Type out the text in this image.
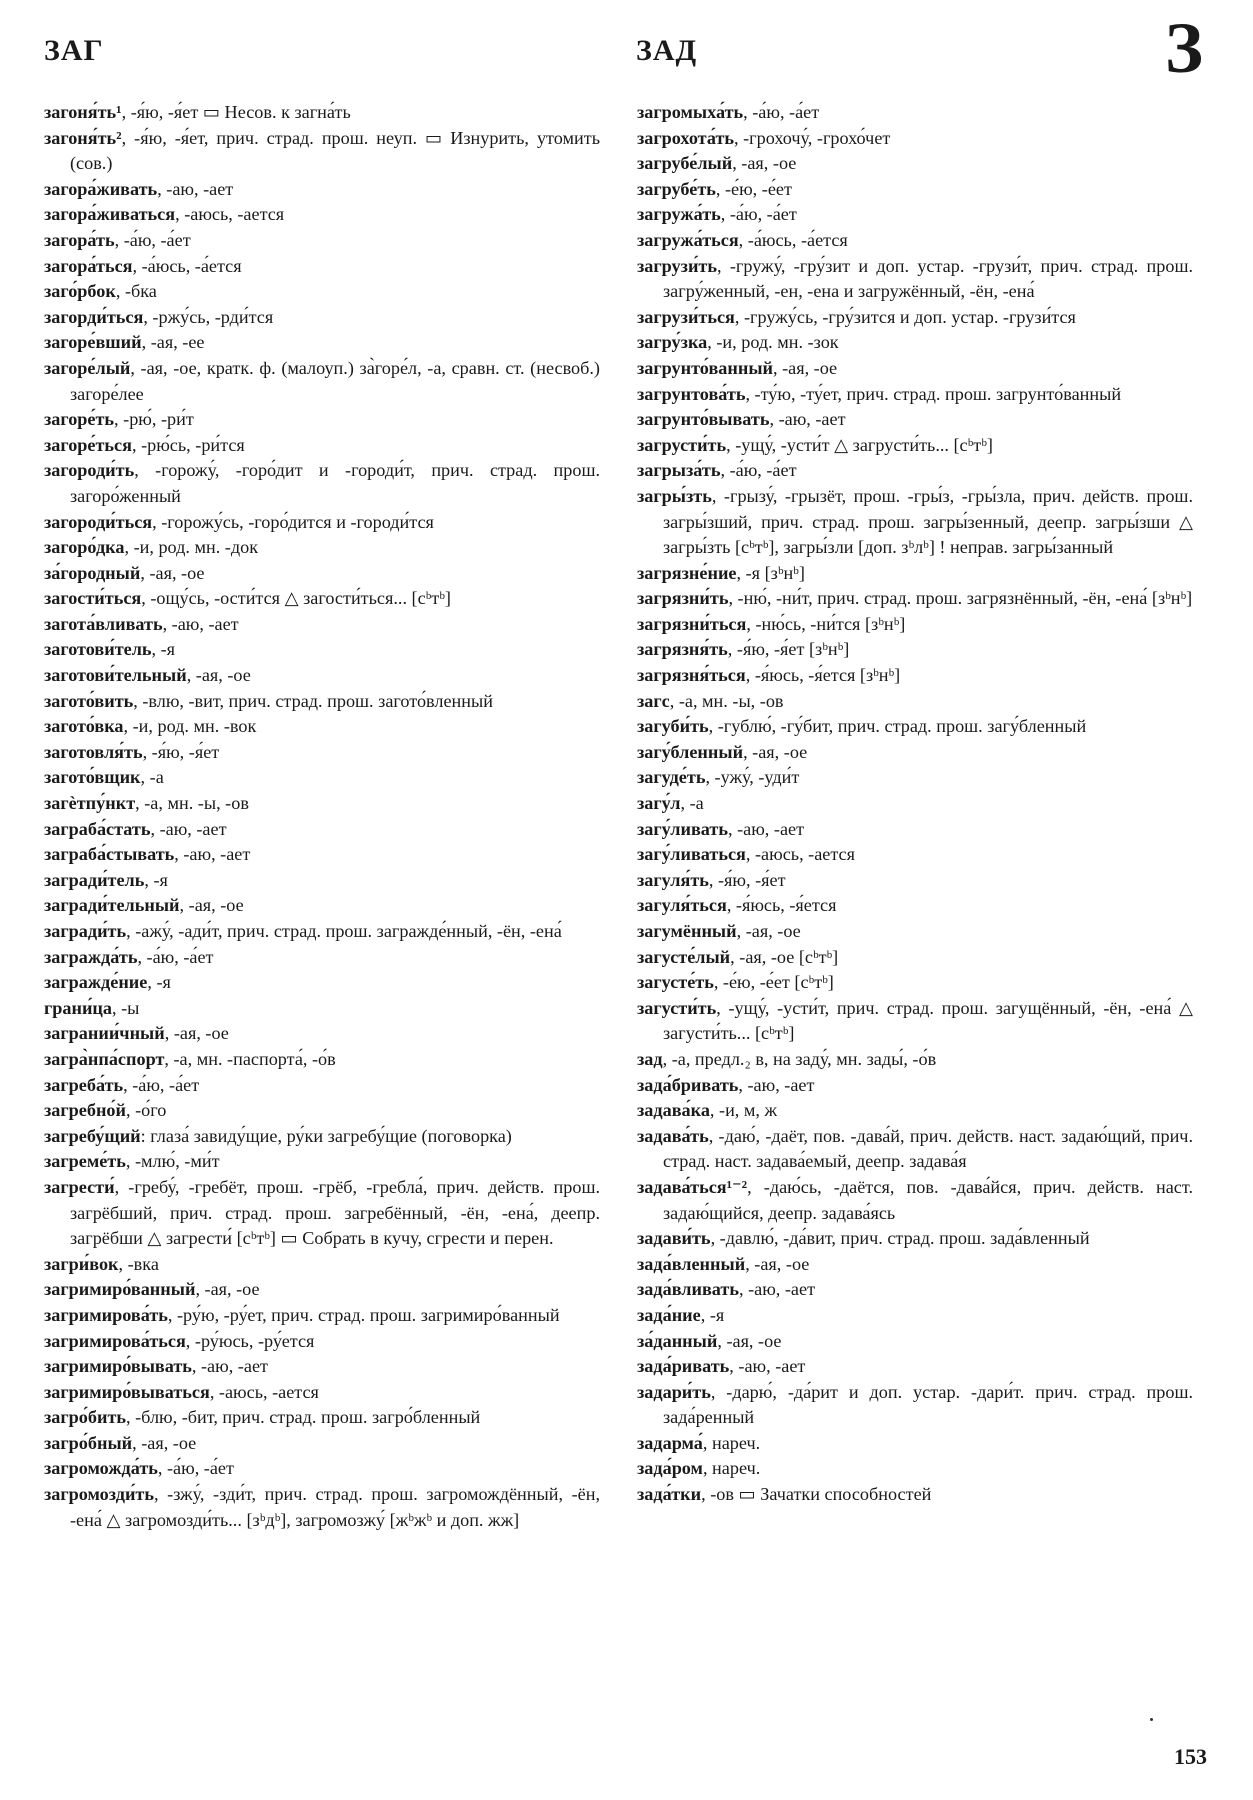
ЗАГ	ЗАД	З

загоня́ть¹, -я́ю, -я́ет ▭ Несов. к загна́ть

загоня́ть², -я́ю, -я́ет, прич. страд. прош. неуп. ▭ Изнурить, утомить (сов.)

загора́живать, -аю, -ает

загора́живаться, -аюсь, -ается

загора́ть, -а́ю, -а́ет

загора́ться, -а́юсь, -а́ется

заго́рбок, -бка

загорди́ться, -ржу́сь, -рди́тся

загоре́вший, -ая, -ее

загоре́лый, -ая, -ое, кратк. ф. (малоуп.) за̀горе́л, -а, сравн. ст. (несвоб.) загоре́лее

загоре́ть, -рю́, -ри́т

загоре́ться, -рю́сь, -ри́тся

загороди́ть, -горожу́, -горо́дит и -городи́т, прич. страд. прош. загоро́женный

загороди́ться, -горожу́сь, -горо́дится и -городи́тся

загоро́дка, -и, род. мн. -док

за́городный, -ая, -ое

загости́ться, -ощу́сь, -ости́тся △ загости́ться... [сᵇтᵇ]

загота́вливать, -аю, -ает

заготови́тель, -я

заготови́тельный, -ая, -ое

загото́вить, -влю, -вит, прич. страд. прош. загото́вленный

загото́вка, -и, род. мн. -вок

заготовля́ть, -я́ю, -я́ет

загото́вщик, -а

загѐтпу́нкт, -а, мн. -ы, -ов

заграба́стать, -аю, -ает

заграба́стывать, -аю, -ает

загради́тель, -я

загради́тельный, -ая, -ое

загради́ть, -ажу́, -ади́т, прич. страд. прош. загражде́нный, -ён, -ена́

загражда́ть, -а́ю, -а́ет

загражде́ние, -я

грани́ца, -ы

загрании́чный, -ая, -ое

загра̀нпа́спорт, -а, мн. -паспорта́, -о́в

загреба́ть, -а́ю, -а́ет

загребно́й, -о́го

загребу́щий: глаза́ завиду́щие, ру́ки загребу́щие (поговорка)

загреме́ть, -млю́, -ми́т

загрести́, -гребу́, -гребёт, прош. -грёб, -гребла́, прич. действ. прош. загрёбший, прич. страд. прош. загребённый, -ён, -ена́, деепр. загрёбши △ загрести́ [сᵇтᵇ] ▭ Собрать в кучу, сгрести и перен.

загри́вок, -вка

загримиро́ванный, -ая, -ое

загримирова́ть, -ру́ю, -ру́ет, прич. страд. прош. загримиро́ванный

загримирова́ться, -ру́юсь, -ру́ется

загримиро́вывать, -аю, -ает

загримиро́вываться, -аюсь, -ается

загро́бить, -блю, -бит, прич. страд. прош. загро́бленный

загро́бный, -ая, -ое

загроможда́ть, -а́ю, -а́ет

загромозди́ть, -зжу́, -зди́т, прич. страд. прош. загромождённый, -ён, -ена́ △ загромозди́ть... [зᵇдᵇ], загромозжу́ [жᵇжᵇ и доп. жж]

загромыха́ть, -а́ю, -а́ет

загрохота́ть, -грохочу́, -грохо́чет

загрубе́лый, -ая, -ое

загрубе́ть, -е́ю, -е́ет

загружа́ть, -а́ю, -а́ет

загружа́ться, -а́юсь, -а́ется

загрузи́ть, -гружу́, -гру́зит и доп. устар. -грузи́т, прич. страд. прош. загру́женный, -ен, -ена и загружённый, -ён, -ена́

загрузи́ться, -гружу́сь, -гру́зится и доп. устар. -грузи́тся

загру́зка, -и, род. мн. -зок

загрунто́ванный, -ая, -ое

загрунтова́ть, -ту́ю, -ту́ет, прич. страд. прош. загрунто́ванный

загрунто́вывать, -аю, -ает

загрусти́ть, -ущу́, -усти́т △ загрусти́ть... [сᵇтᵇ]

загрыза́ть, -а́ю, -а́ет

загры́зть, -грызу́, -грызёт, прош. -гры́з, -гры́зла, прич. действ. прош. загры́зший, прич. страд. прош. загры́зенный, деепр. загры́зши △ загры́зть [сᵇтᵇ], загры́зли [доп. зᵇлᵇ] ! неправ. загры́занный

загрязне́ние, -я [зᵇнᵇ]

загрязни́ть, -ню́, -ни́т, прич. страд. прош. загрязнённый, -ён, -ена́ [зᵇнᵇ]

загрязни́ться, -ню́сь, -ни́тся [зᵇнᵇ]

загрязня́ть, -я́ю, -я́ет [зᵇнᵇ]

загрязня́ться, -я́юсь, -я́ется [зᵇнᵇ]

загс, -а, мн. -ы, -ов

загуби́ть, -гублю́, -гу́бит, прич. страд. прош. загу́бленный

загу́бленный, -ая, -ое

загуде́ть, -ужу́, -уди́т

загу́л, -а

загу́ливать, -аю, -ает

загу́ливаться, -аюсь, -ается

загуля́ть, -я́ю, -я́ет

загуля́ться, -я́юсь, -я́ется

загумённый, -ая, -ое

загусте́лый, -ая, -ое [сᵇтᵇ]

загусте́ть, -е́ю, -е́ет [сᵇтᵇ]

загусти́ть, -ущу́, -усти́т, прич. страд. прош. загущённый, -ён, -ена́ △ загусти́ть... [сᵇтᵇ]

зад, -а, предл.₂ в, на заду́, мн. зады́, -о́в

зада́бривать, -аю, -ает

задава́ка, -и, м, ж

задава́ть, -даю́, -даёт, пов. -дава́й, прич. действ. наст. задаю́щий, прич. страд. наст. задава́емый, деепр. задава́я

задава́ться¹⁻², -даю́сь, -даётся, пов. -дава́йся, прич. действ. наст. задаю́щийся, деепр. задава́ясь

задави́ть, -давлю́, -да́вит, прич. страд. прош. зада́вленный

зада́вленный, -ая, -ое

зада́вливать, -аю, -ает

зада́ние, -я

за́данный, -ая, -ое

зада́ривать, -аю, -ает

задари́ть, -дарю́, -да́рит и доп. устар. -дари́т. прич. страд. прош. зада́ренный

задарма́, нареч.

зада́ром, нареч.

зада́тки, -ов ▭ Зачатки способностей

153
